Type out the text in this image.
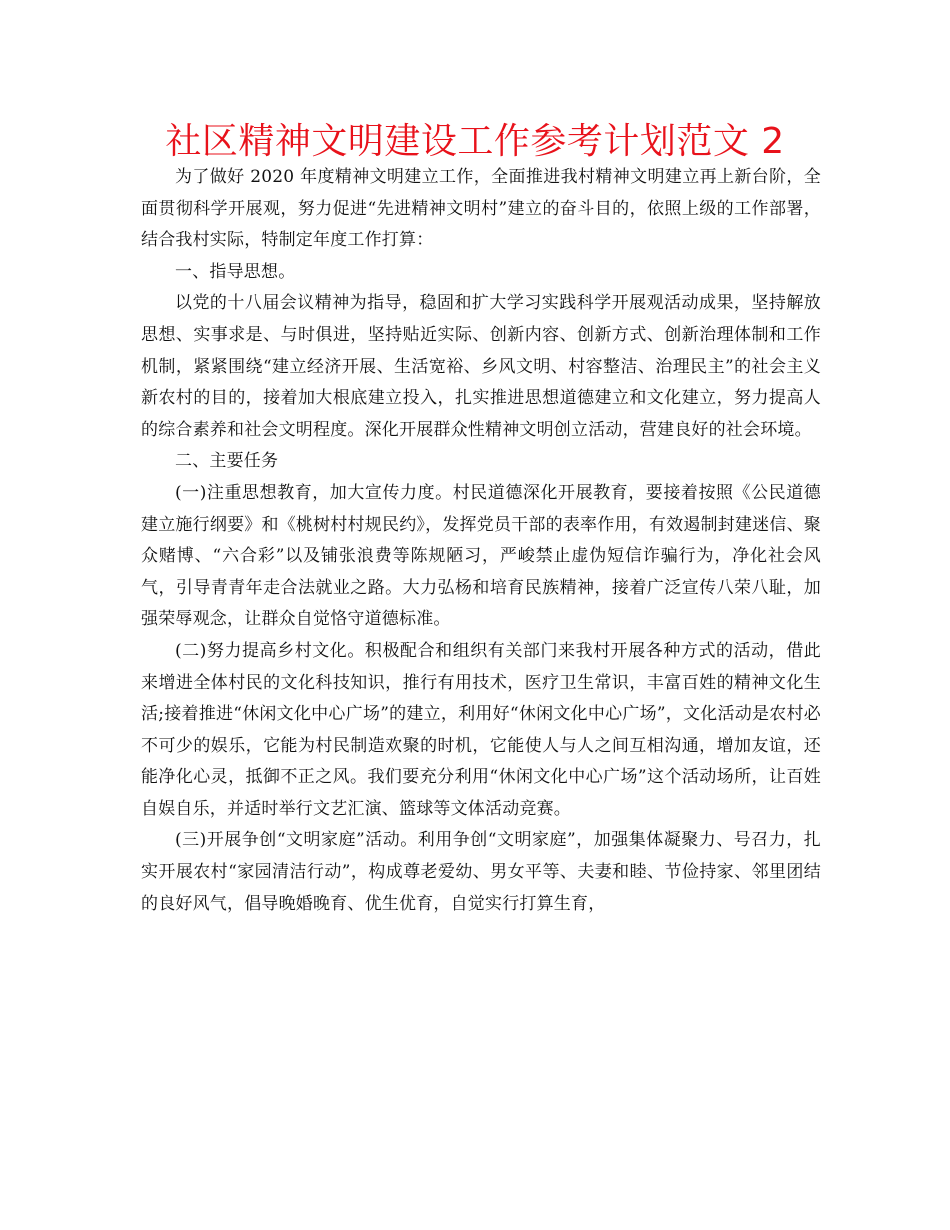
社区精神文明建设工作参考计划范文 2

为了做好 2020 年度精神文明建立工作，全面推进我村精神文明建立再上新台阶，全面贯彻科学开展观，努力促进“先进精神文明村”建立的奋斗目的，依照上级的工作部署，结合我村实际，特制定年度工作打算：

一、指导思想。

以党的十八届会议精神为指导，稳固和扩大学习实践科学开展观活动成果，坚持解放思想、实事求是、与时俱进，坚持贴近实际、创新内容、创新方式、创新治理体制和工作机制，紧紧围绕“建立经济开展、生活宽裕、乡风文明、村容整洁、治理民主”的社会主义新农村的目的，接着加大根底建立投入，扎实推进思想道德建立和文化建立，努力提高人的综合素养和社会文明程度。深化开展群众性精神文明创立活动，营建良好的社会环境。

二、主要任务

(一)注重思想教育，加大宣传力度。村民道德深化开展教育，要接着按照《公民道德建立施行纲要》和《桃树村村规民约》，发挥党员干部的表率作用，有效遏制封建迷信、聚众赌博、“六合彩”以及铺张浪费等陈规陋习，严峻禁止虚伪短信诈骗行为，净化社会风气，引导青青年走合法就业之路。大力弘杨和培育民族精神，接着广泛宣传八荣八耻，加强荣辱观念，让群众自觉恪守道德标准。

(二)努力提高乡村文化。积极配合和组织有关部门来我村开展各种方式的活动，借此来增进全体村民的文化科技知识，推行有用技术，医疗卫生常识，丰富百姓的精神文化生活;接着推进“休闲文化中心广场”的建立，利用好“休闲文化中心广场”，文化活动是农村必不可少的娱乐，它能为村民制造欢聚的时机，它能使人与人之间互相沟通，增加友谊，还能净化心灵，抵御不正之风。我们要充分利用“休闲文化中心广场”这个活动场所，让百姓自娱自乐，并适时举行文艺汇演、篮球等文体活动竞赛。

(三)开展争创“文明家庭”活动。利用争创“文明家庭”，加强集体凝聚力、号召力，扎实开展农村“家园清洁行动”，构成尊老爱幼、男女平等、夫妻和睦、节俭持家、邻里团结的良好风气，倡导晚婚晚育、优生优育，自觉实行打算生育，
